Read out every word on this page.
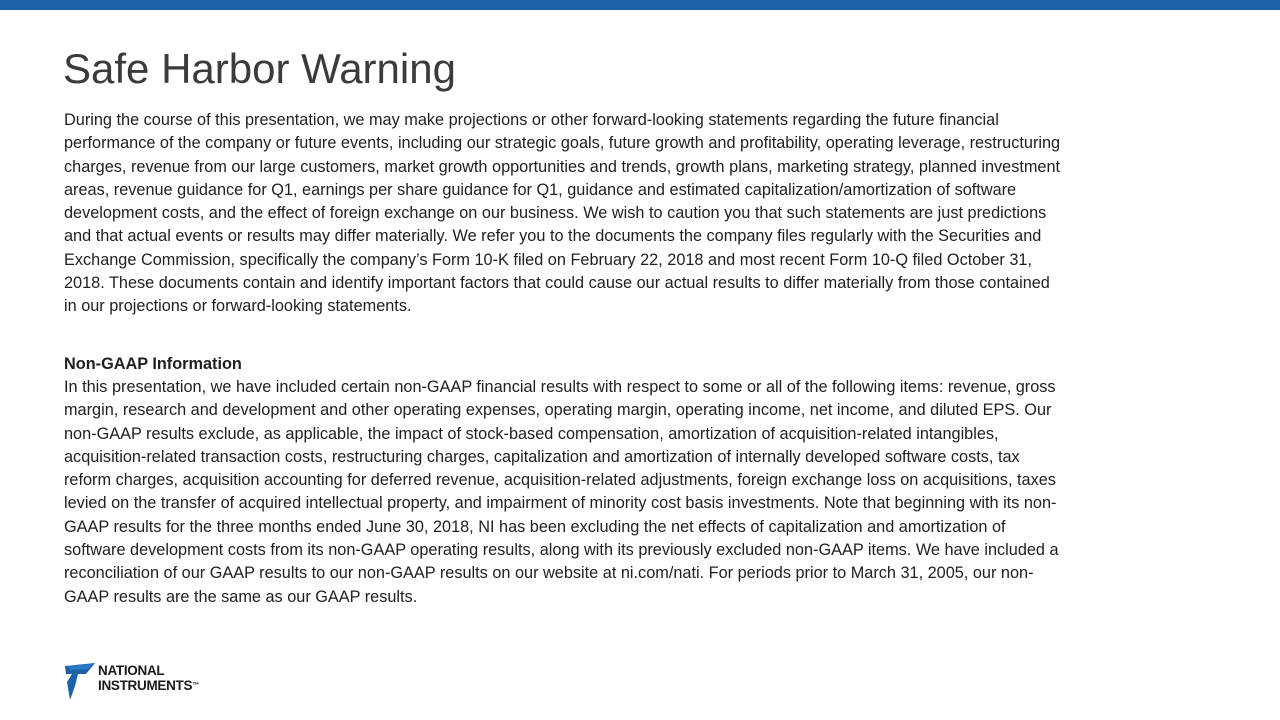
Safe Harbor Warning

During the course of this presentation, we may make projections or other forward-looking statements regarding the future financial
performance of the company or future events, including our strategic goals, future growth and profitability, operating leverage, restructuring
charges, revenue from our large customers, market growth opportunities and trends, growth plans, marketing strategy, planned investment
areas, revenue guidance for Q1, earnings per share guidance for Q1, guidance and estimated capitalization/amortization of software
development costs, and the effect of foreign exchange on our business. We wish to caution you that such statements are just predictions
and that actual events or results may differ materially. We refer you to the documents the company files regularly with the Securities and
Exchange Commission, specifically the company’s Form 10-K filed on February 22, 2018 and most recent Form 10-Q filed October 31,
2018. These documents contain and identify important factors that could cause our actual results to differ materially from those contained
in our projections or forward-looking statements.

Non-GAAP Information

In this presentation, we have included certain non-GAAP financial results with respect to some or all of the following items: revenue, gross
margin, research and development and other operating expenses, operating margin, operating income, net income, and diluted EPS. Our
non-GAAP results exclude, as applicable, the impact of stock-based compensation, amortization of acquisition-related intangibles,
acquisition-related transaction costs, restructuring charges, capitalization and amortization of internally developed software costs, tax
reform charges, acquisition accounting for deferred revenue, acquisition-related adjustments, foreign exchange loss on acquisitions, taxes
levied on the transfer of acquired intellectual property, and impairment of minority cost basis investments. Note that beginning with its non-
GAAP results for the three months ended June 30, 2018, NI has been excluding the net effects of capitalization and amortization of
software development costs from its non-GAAP operating results, along with its previously excluded non-GAAP items. We have included a
reconciliation of our GAAP results to our non-GAAP results on our website at ni.com/nati. For periods prior to March 31, 2005, our non-
GAAP results are the same as our GAAP results.

NATIONAL
INSTRUMENTS™
